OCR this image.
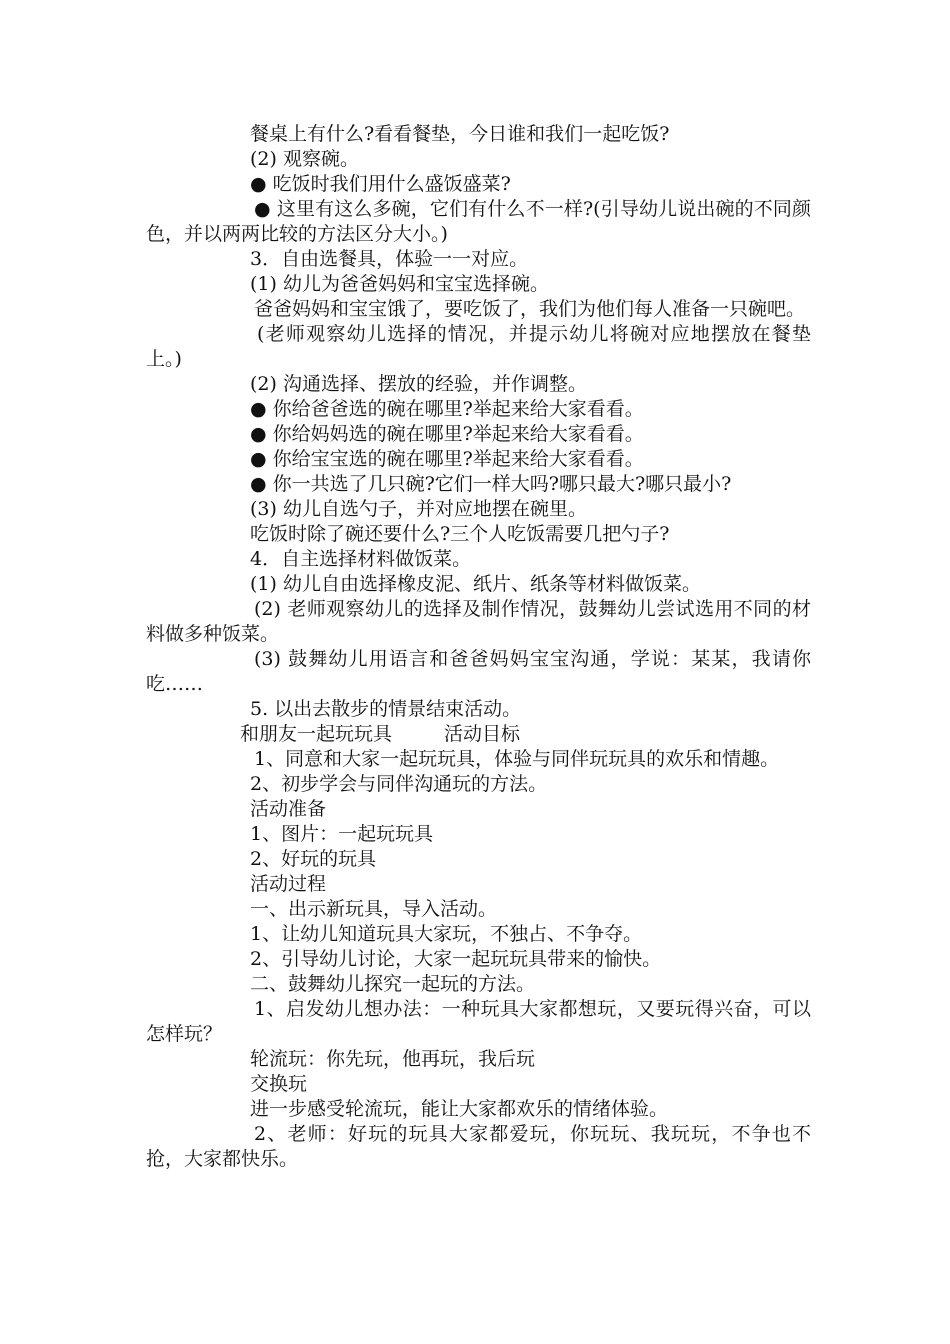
餐桌上有什么?看看餐垫，今日谁和我们一起吃饭?

(2) 观察碗。

● 吃饭时我们用什么盛饭盛菜?

● 这里有这么多碗，它们有什么不一样?(引导幼儿说出碗的不同颜色，并以两两比较的方法区分大小。)

3．自由选餐具，体验一一对应。

(1) 幼儿为爸爸妈妈和宝宝选择碗。

爸爸妈妈和宝宝饿了，要吃饭了，我们为他们每人准备一只碗吧。

(老师观察幼儿选择的情况，并提示幼儿将碗对应地摆放在餐垫上。)

(2) 沟通选择、摆放的经验，并作调整。

● 你给爸爸选的碗在哪里?举起来给大家看看。

● 你给妈妈选的碗在哪里?举起来给大家看看。

● 你给宝宝选的碗在哪里?举起来给大家看看。

● 你一共选了几只碗?它们一样大吗?哪只最大?哪只最小?

(3) 幼儿自选勺子，并对应地摆在碗里。

吃饭时除了碗还要什么?三个人吃饭需要几把勺子?

4．自主选择材料做饭菜。

(1) 幼儿自由选择橡皮泥、纸片、纸条等材料做饭菜。

(2) 老师观察幼儿的选择及制作情况，鼓舞幼儿尝试选用不同的材料做多种饭菜。

(3) 鼓舞幼儿用语言和爸爸妈妈宝宝沟通，学说：某某，我请你吃……

5. 以出去散步的情景结束活动。

和朋友一起玩玩具	活动目标

1、同意和大家一起玩玩具，体验与同伴玩玩具的欢乐和情趣。

2、初步学会与同伴沟通玩的方法。

活动准备

1、图片：一起玩玩具

2、好玩的玩具

活动过程

一、出示新玩具，导入活动。

1、让幼儿知道玩具大家玩，不独占、不争夺。

2、引导幼儿讨论，大家一起玩玩具带来的愉快。

二、鼓舞幼儿探究一起玩的方法。

1、启发幼儿想办法：一种玩具大家都想玩，又要玩得兴奋，可以怎样玩？

轮流玩：你先玩，他再玩，我后玩

交换玩

进一步感受轮流玩，能让大家都欢乐的情绪体验。

2、老师：好玩的玩具大家都爱玩，你玩玩、我玩玩，不争也不抢，大家都快乐。
